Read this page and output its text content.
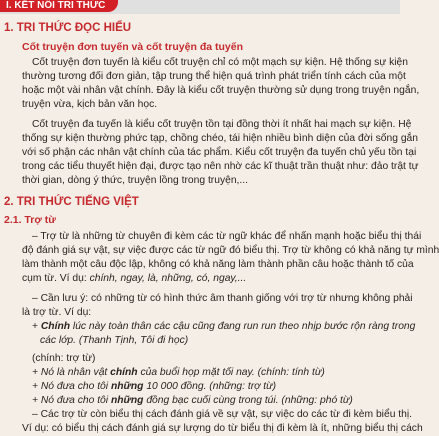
I. KẾT NỐI TRI THỨC
1. TRI THỨC ĐỌC HIỂU
Cốt truyện đơn tuyến và cốt truyện đa tuyến
Cốt truyện đơn tuyến là kiểu cốt truyện chỉ có một mạch sự kiện. Hệ thống sự kiện
thường tương đối đơn giản, tập trung thể hiện quá trình phát triển tính cách của một
hoặc một vài nhân vật chính. Đây là kiểu cốt truyện thường sử dụng trong truyện ngắn,
truyện vừa, kịch bản văn học.
Cốt truyện đa tuyến là kiểu cốt truyện tồn tại đồng thời ít nhất hai mạch sự kiện. Hệ
thống sự kiện thường phức tạp, chồng chéo, tái hiện nhiều bình diện của đời sống gắn
với số phận các nhân vật chính của tác phẩm. Kiểu cốt truyện đa tuyến chủ yếu tồn tại
trong các tiểu thuyết hiện đại, được tạo nên nhờ các kĩ thuật trần thuật như: đảo trật tự
thời gian, dòng ý thức, truyện lồng trong truyện,...
2. TRI THỨC TIẾNG VIỆT
2.1. Trợ từ
– Trợ từ là những từ chuyên đi kèm các từ ngữ khác để nhấn mạnh hoặc biểu thị thái
độ đánh giá sự vật, sự việc được các từ ngữ đó biểu thị. Trợ từ không có khả năng tự mình
làm thành một câu độc lập, không có khả năng làm thành phần câu hoặc thành tố của
cụm từ. Ví dụ: chính, ngay, là, những, có, ngay,...
– Cần lưu ý: có những từ có hình thức âm thanh giống với trợ từ nhưng không phải
là trợ từ. Ví dụ:
+ Chính lúc này toàn thân các cậu cũng đang run run theo nhịp bước rộn ràng trong
các lớp. (Thanh Tịnh, Tôi đi học)
(chính: trợ từ)
+ Nó là nhân vật chính của buổi họp mặt tối nay. (chính: tính từ)
+ Nó đưa cho tôi những 10 000 đồng. (những: trợ từ)
+ Nó đưa cho tôi những đồng bạc cuối cùng trong túi. (những: phó từ)
– Các trợ từ còn biểu thị cách đánh giá về sự vật, sự việc do các từ đi kèm biểu thị.
Ví dụ: có biểu thị cách đánh giá sự lượng do từ biểu thị đi kèm là ít, những biểu thị cách
